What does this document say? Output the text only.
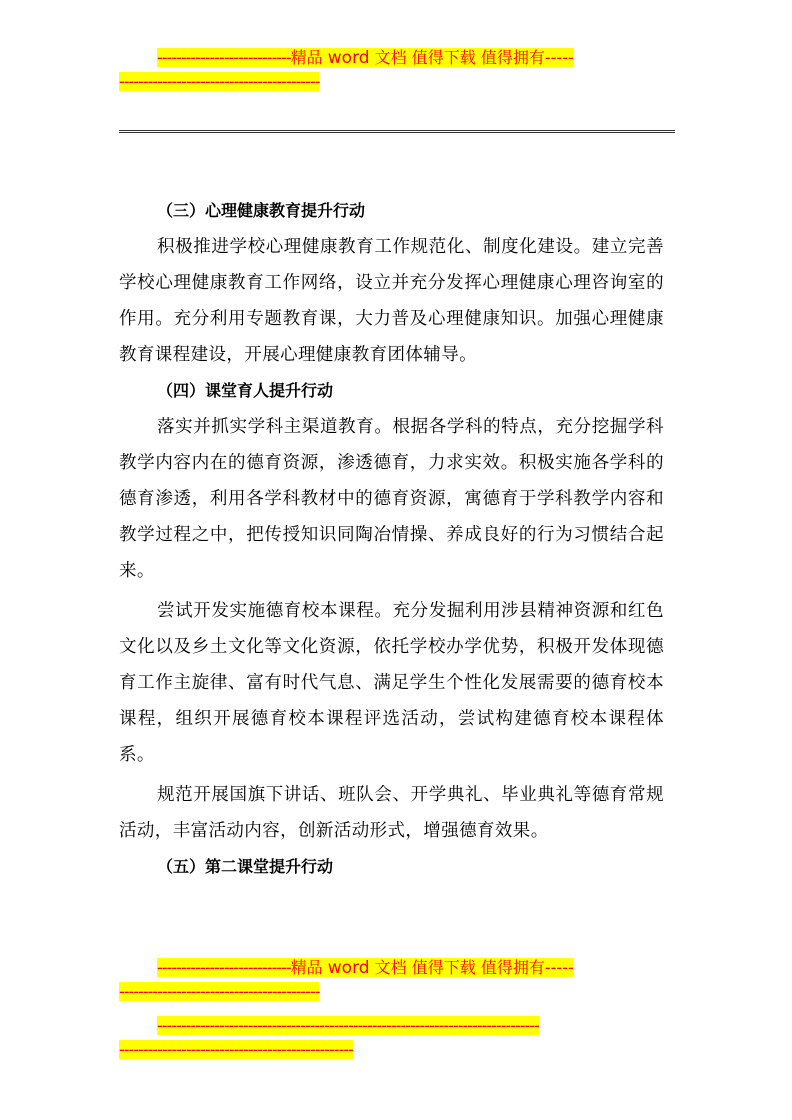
----------------------------精品 word 文档 值得下载 值得拥有-----
------------------------------------------

（三）心理健康教育提升行动

积极推进学校心理健康教育工作规范化、制度化建设。建立完善学校心理健康教育工作网络，设立并充分发挥心理健康心理咨询室的作用。充分利用专题教育课，大力普及心理健康知识。加强心理健康教育课程建设，开展心理健康教育团体辅导。

（四）课堂育人提升行动

落实并抓实学科主渠道教育。根据各学科的特点，充分挖掘学科教学内容内在的德育资源，渗透德育，力求实效。积极实施各学科的德育渗透，利用各学科教材中的德育资源，寓德育于学科教学内容和教学过程之中，把传授知识同陶冶情操、养成良好的行为习惯结合起来。

尝试开发实施德育校本课程。充分发掘利用涉县精神资源和红色文化以及乡土文化等文化资源，依托学校办学优势，积极开发体现德育工作主旋律、富有时代气息、满足学生个性化发展需要的德育校本课程，组织开展德育校本课程评选活动，尝试构建德育校本课程体系。

规范开展国旗下讲话、班队会、开学典礼、毕业典礼等德育常规活动，丰富活动内容，创新活动形式，增强德育效果。

（五）第二课堂提升行动

----------------------------精品 word 文档 值得下载 值得拥有-----
------------------------------------------
--------------------------------------------------------------------------------
-------------------------------------------------
